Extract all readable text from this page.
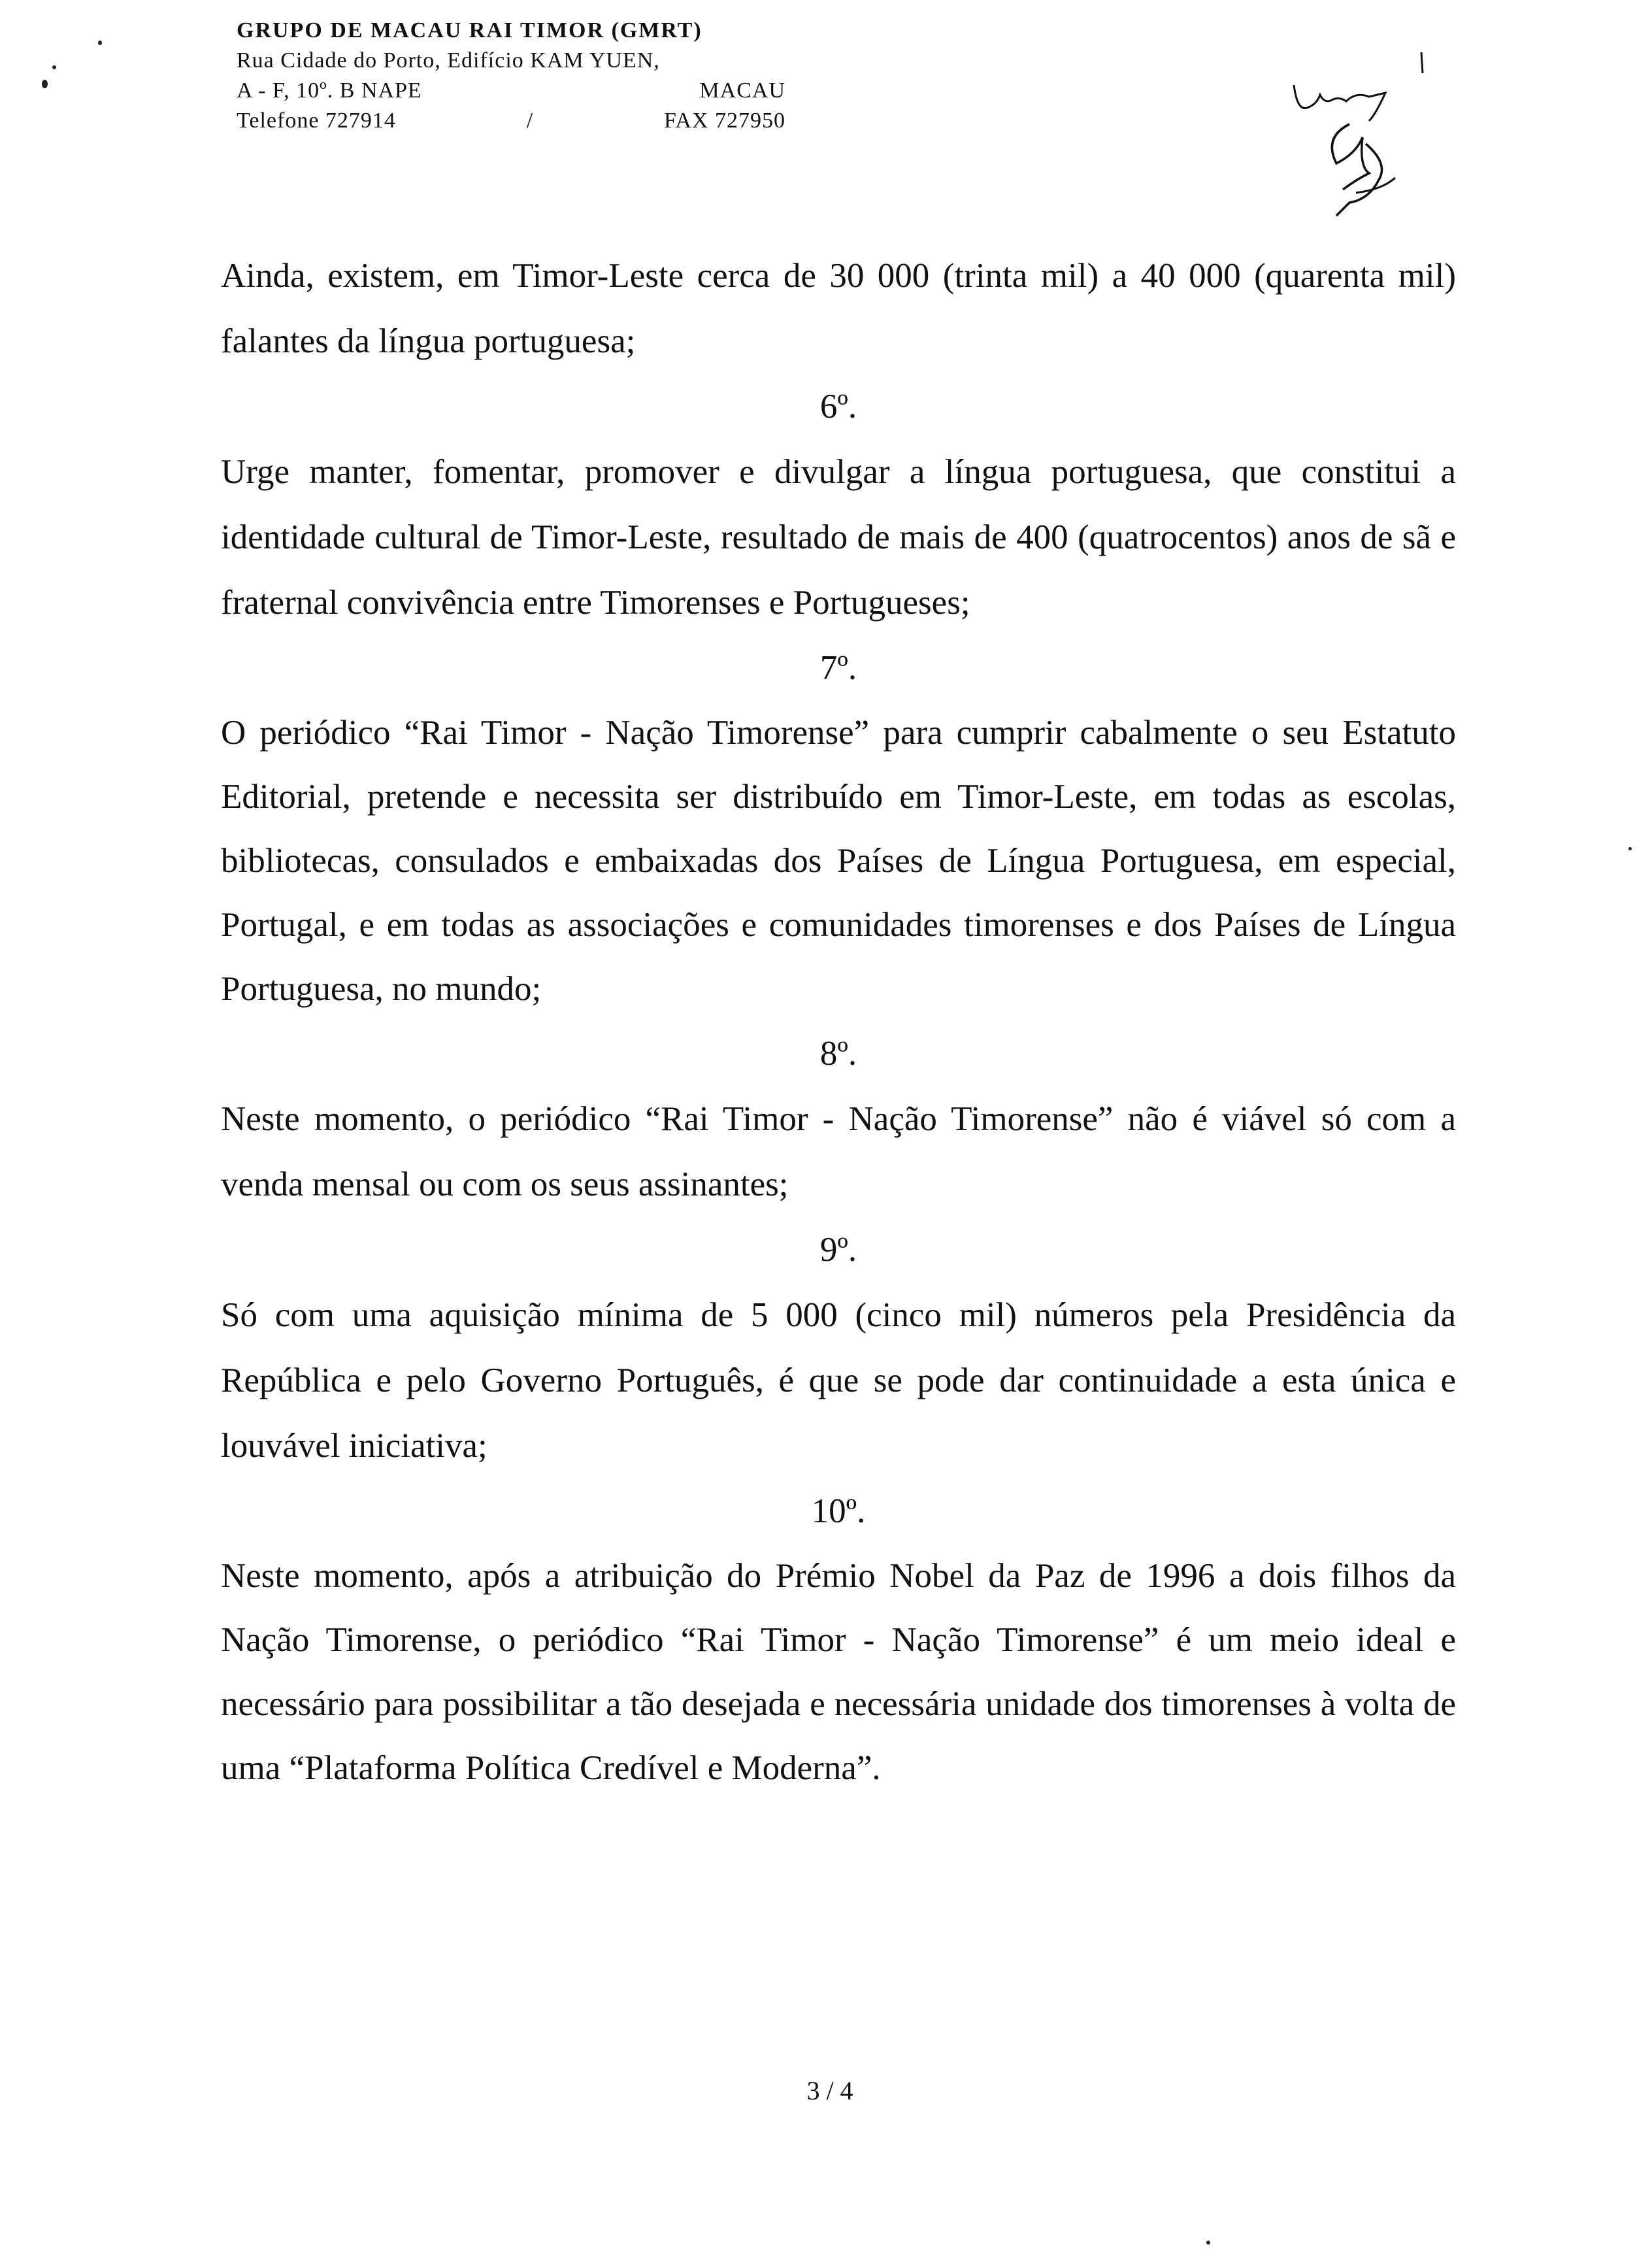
GRUPO DE MACAU RAI TIMOR (GMRT)
Rua Cidade do Porto, Edifício KAM YUEN,
A - F, 10º. B NAPE	MACAU
Telefone 727914	/	FAX 727950

Ainda, existem, em Timor-Leste cerca de 30 000 (trinta mil) a 40 000 (quarenta mil) falantes da língua portuguesa;

6º.

Urge manter, fomentar, promover e divulgar a língua portuguesa, que constitui a identidade cultural de Timor-Leste, resultado de mais de 400 (quatrocentos) anos de sã e fraternal convivência entre Timorenses e Portugueses;

7º.

O periódico “Rai Timor - Nação Timorense” para cumprir cabalmente o seu Estatuto Editorial, pretende e necessita ser distribuído em Timor-Leste, em todas as escolas, bibliotecas, consulados e embaixadas dos Países de Língua Portuguesa, em especial, Portugal, e em todas as associações e comunidades timorenses e dos Países de Língua Portuguesa, no mundo;

8º.

Neste momento, o periódico “Rai Timor - Nação Timorense” não é viável só com a venda mensal ou com os seus assinantes;

9º.

Só com uma aquisição mínima de 5 000 (cinco mil) números pela Presidência da República e pelo Governo Português, é que se pode dar continuidade a esta única e louvável iniciativa;

10º.

Neste momento, após a atribuição do Prémio Nobel da Paz de 1996 a dois filhos da Nação Timorense, o periódico “Rai Timor - Nação Timorense” é um meio ideal e necessário para possibilitar a tão desejada e necessária unidade dos timorenses à volta de uma “Plataforma Política Credível e Moderna”.

3 / 4
